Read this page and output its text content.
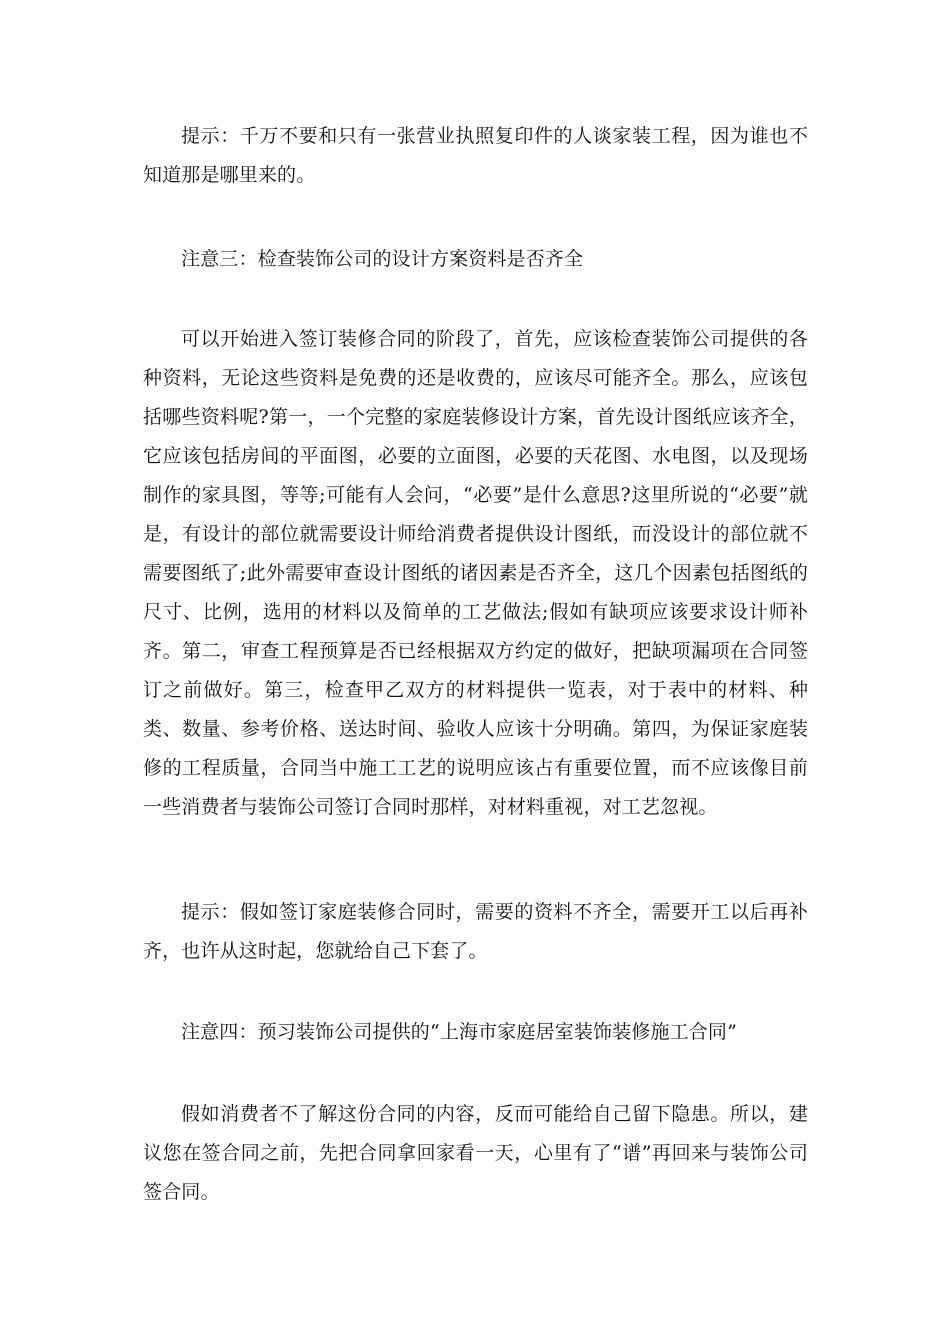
提示：千万不要和只有一张营业执照复印件的人谈家装工程，因为谁也不知道那是哪里来的。

注意三：检查装饰公司的设计方案资料是否齐全

可以开始进入签订装修合同的阶段了，首先，应该检查装饰公司提供的各种资料，无论这些资料是免费的还是收费的，应该尽可能齐全。那么，应该包括哪些资料呢?第一，一个完整的家庭装修设计方案，首先设计图纸应该齐全，它应该包括房间的平面图，必要的立面图，必要的天花图、水电图，以及现场制作的家具图，等等;可能有人会问，“必要”是什么意思?这里所说的“必要”就是，有设计的部位就需要设计师给消费者提供设计图纸，而没设计的部位就不需要图纸了;此外需要审查设计图纸的诸因素是否齐全，这几个因素包括图纸的尺寸、比例，选用的材料以及简单的工艺做法;假如有缺项应该要求设计师补齐。第二，审查工程预算是否已经根据双方约定的做好，把缺项漏项在合同签订之前做好。第三，检查甲乙双方的材料提供一览表，对于表中的材料、种类、数量、参考价格、送达时间、验收人应该十分明确。第四，为保证家庭装修的工程质量，合同当中施工工艺的说明应该占有重要位置，而不应该像目前一些消费者与装饰公司签订合同时那样，对材料重视，对工艺忽视。

提示：假如签订家庭装修合同时，需要的资料不齐全，需要开工以后再补齐，也许从这时起，您就给自己下套了。

注意四：预习装饰公司提供的“上海市家庭居室装饰装修施工合同”

假如消费者不了解这份合同的内容，反而可能给自己留下隐患。所以，建议您在签合同之前，先把合同拿回家看一天，心里有了“谱”再回来与装饰公司签合同。
